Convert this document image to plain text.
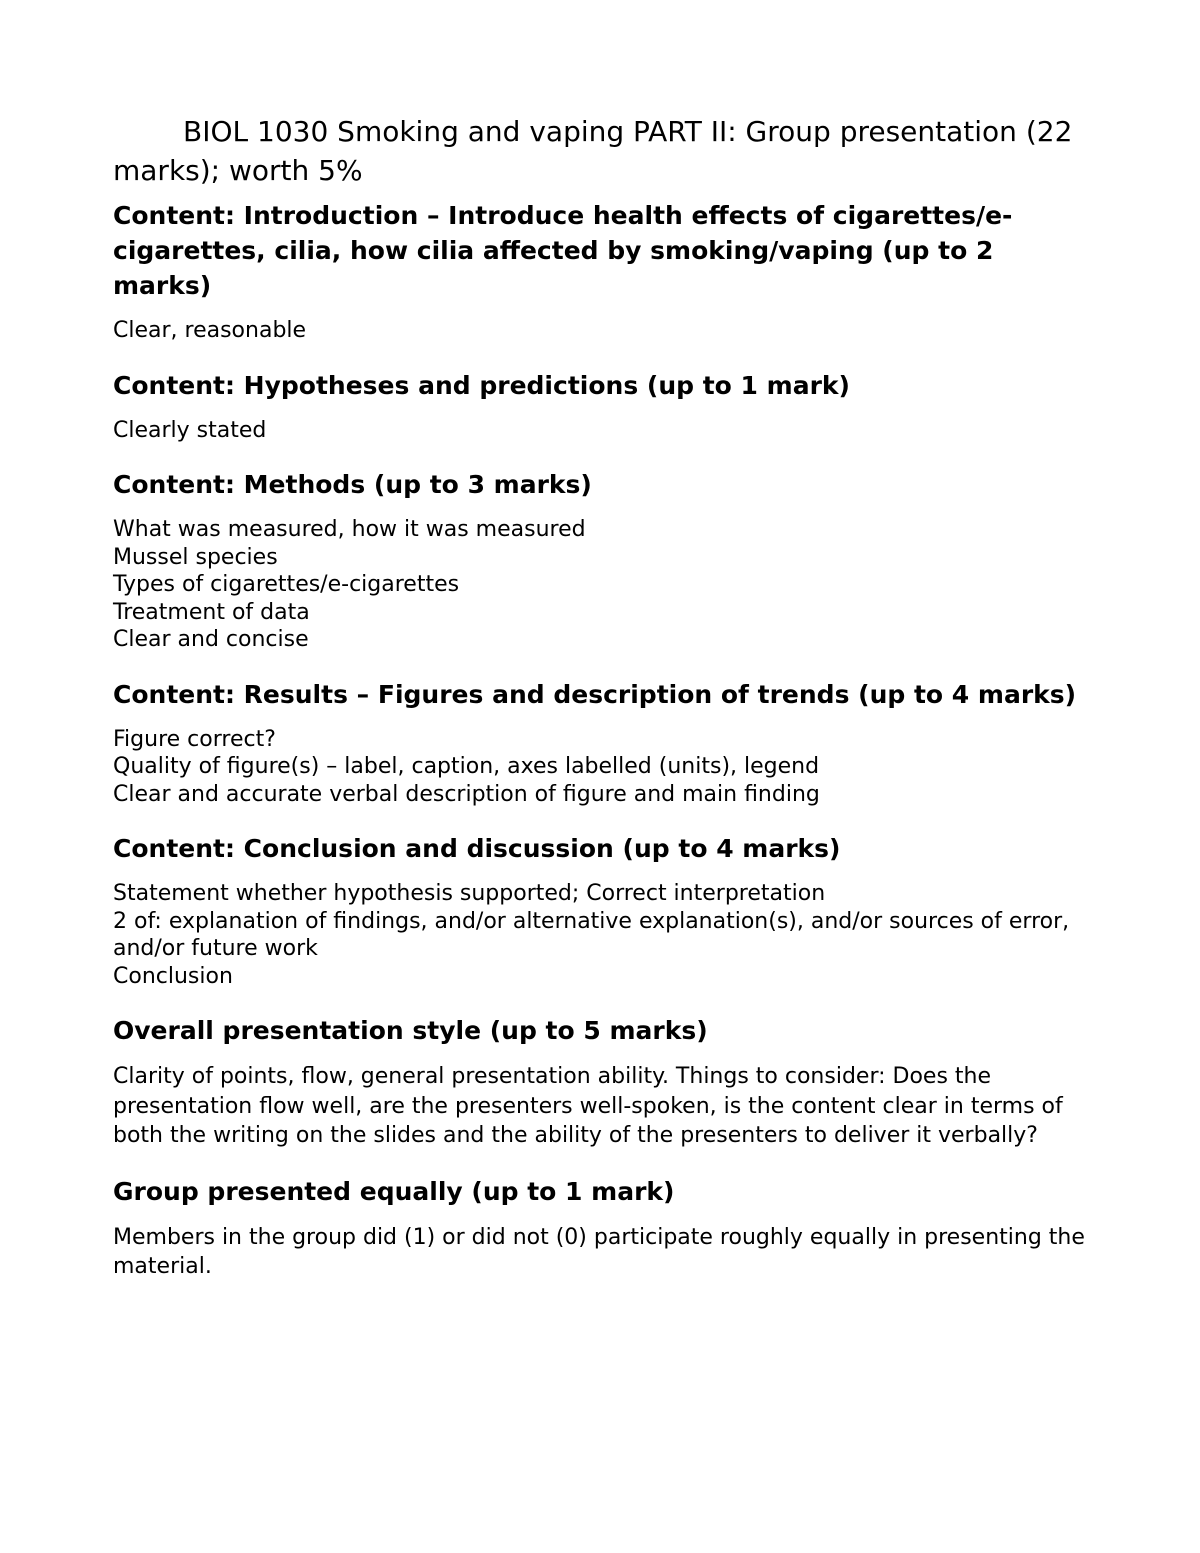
BIOL 1030 Smoking and vaping PART II: Group presentation (22 marks); worth 5%
Content: Introduction – Introduce health effects of cigarettes/e-cigarettes, cilia, how cilia affected by smoking/vaping (up to 2 marks)
Clear, reasonable
Content: Hypotheses and predictions (up to 1 mark)
Clearly stated
Content: Methods (up to 3 marks)
What was measured, how it was measured
Mussel species
Types of cigarettes/e-cigarettes
Treatment of data
Clear and concise
Content: Results – Figures and description of trends (up to 4 marks)
Figure correct?
Quality of figure(s) – label, caption, axes labelled (units), legend
Clear and accurate verbal description of figure and main finding
Content: Conclusion and discussion (up to 4 marks)
Statement whether hypothesis supported; Correct interpretation
2 of: explanation of findings, and/or alternative explanation(s), and/or sources of error, and/or future work
Conclusion
Overall presentation style (up to 5 marks)
Clarity of points, flow, general presentation ability. Things to consider: Does the presentation flow well, are the presenters well-spoken, is the content clear in terms of both the writing on the slides and the ability of the presenters to deliver it verbally?
Group presented equally (up to 1 mark)
Members in the group did (1) or did not (0) participate roughly equally in presenting the material.
